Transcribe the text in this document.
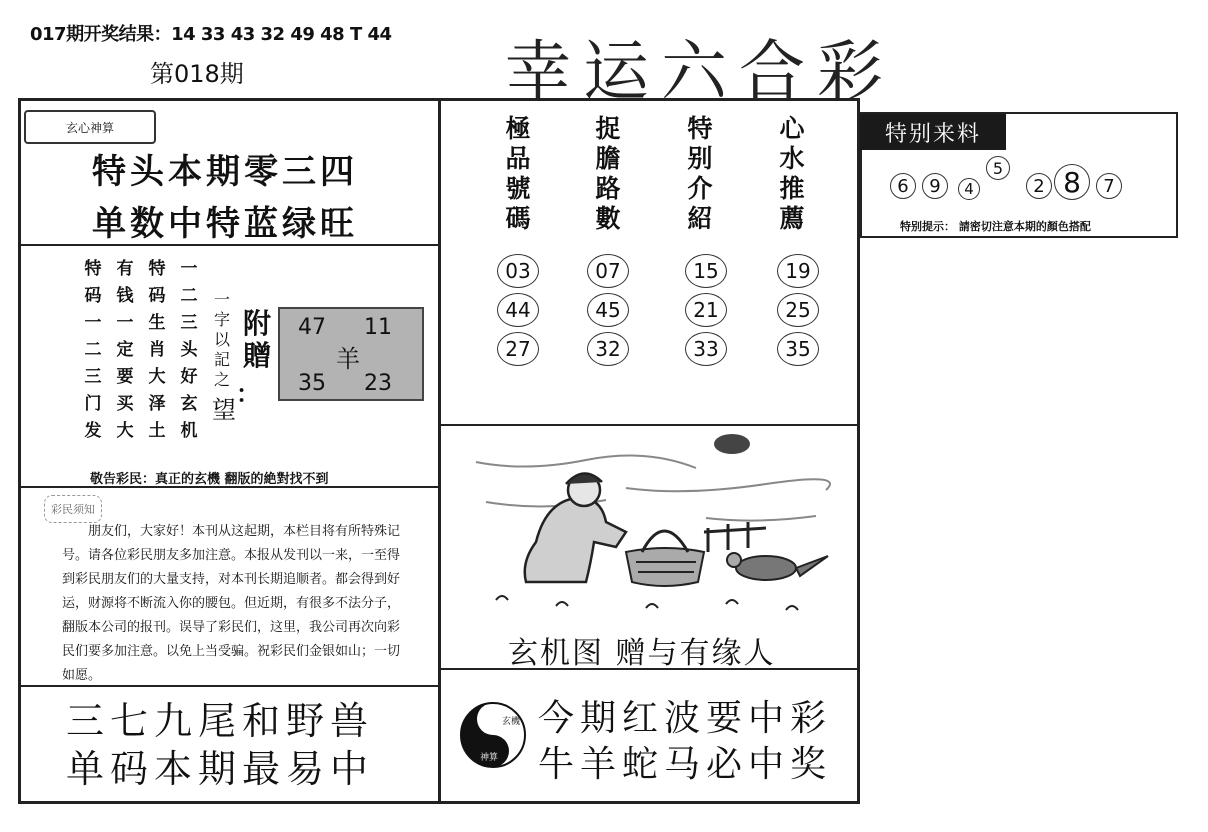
017期开奖结果：14 33 43 32 49 48 T 44
第018期	幸运六合彩
玄心神算
特头本期零三四
单数中特蓝绿旺
特码一二三门发
有钱一定要买大
特码生肖大泽土
一二三头好玄机
一字以記之
附贈
：
望
47 11
羊
35 23
敬告彩民：真正的玄機 翻版的絶對找不到
彩民须知
朋友们，大家好！本刊从这起期，本栏目将有所特殊记号。请各位彩民朋友多加注意。本报从发刊以一来，一至得到彩民朋友们的大量支持，对本刊长期追顺者。都会得到好运，财源将不断流入你的腰包。但近期，有很多不法分子，翻版本公司的报刊。误导了彩民们，这里，我公司再次向彩民们要多加注意。以免上当受骗。祝彩民们金银如山；一切如愿。
三七九尾和野兽
单码本期最易中
極品號碼
捉膽路數
特别介紹
心水推薦
03	07	15	19
44	45	21	25
27	32	33	35
玄机图 赠与有缘人
玄機
神算
今期红波要中彩
牛羊蛇马必中奖
特别来料
6	9	4
5
2 8	7
特别提示： 請密切注意本期的顏色搭配
